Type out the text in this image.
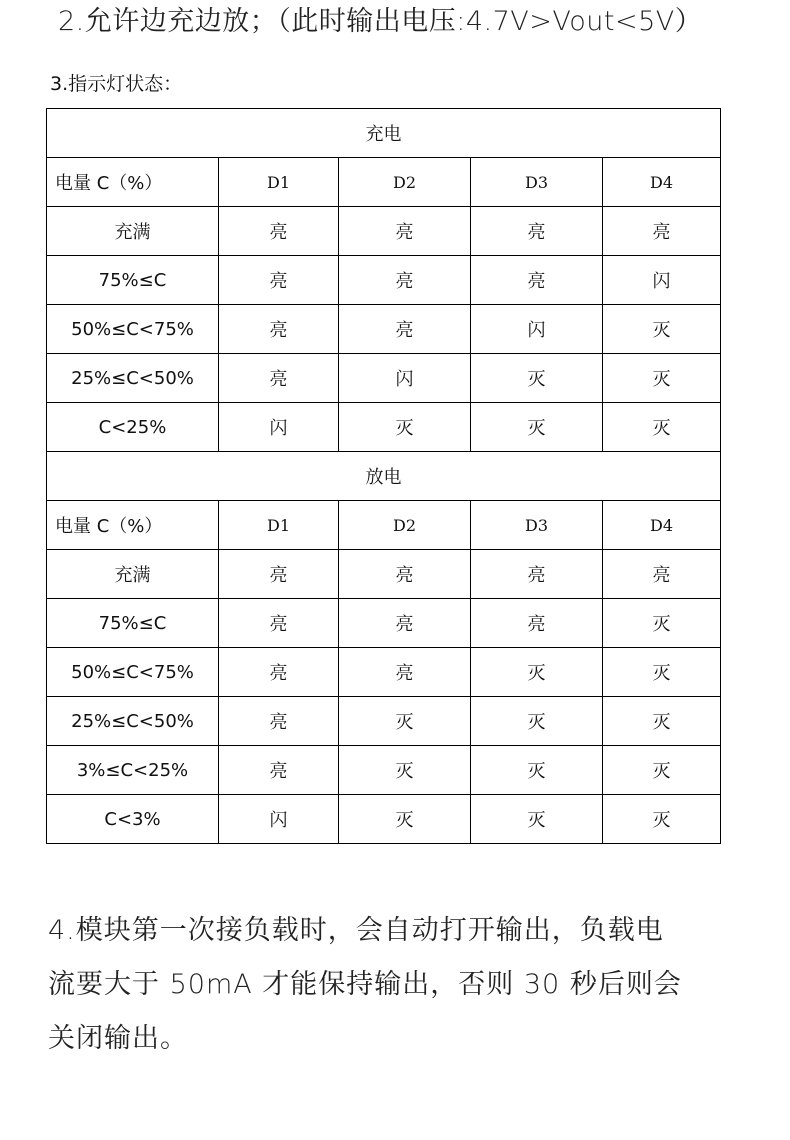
2.允许边充边放；（此时输出电压:4.7V>Vout<5V）
3.指示灯状态：
充电				
电量 C（%）	D1	D2	D3	D4
充满	亮	亮	亮	亮
75%≤C	亮	亮	亮	闪
50%≤C<75%	亮	亮	闪	灭
25%≤C<50%	亮	闪	灭	灭
C<25%	闪	灭	灭	灭
放电				
电量 C（%）	D1	D2	D3	D4
充满	亮	亮	亮	亮
75%≤C	亮	亮	亮	灭
50%≤C<75%	亮	亮	灭	灭
25%≤C<50%	亮	灭	灭	灭
3%≤C<25%	亮	灭	灭	灭
C<3%	闪	灭	灭	灭

4.模块第一次接负载时，会自动打开输出，负载电

流要大于 50mA 才能保持输出，否则 30 秒后则会

关闭输出。
